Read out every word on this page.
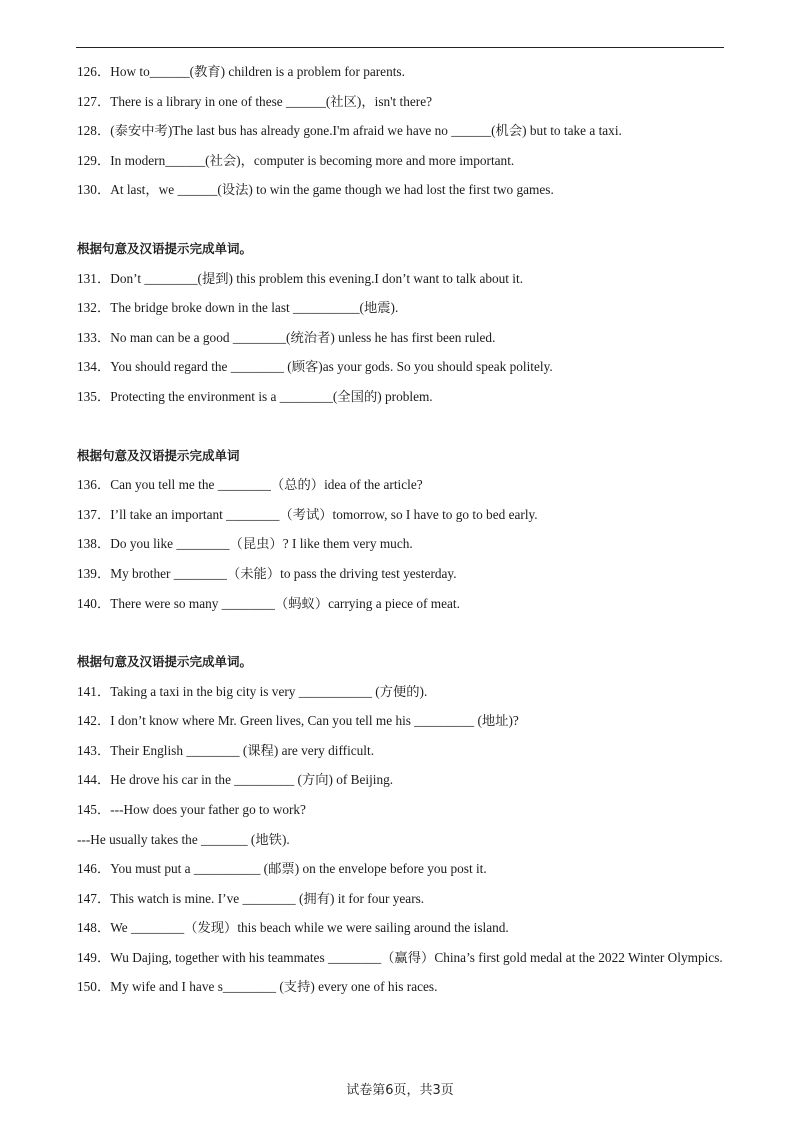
126．How to______(教育) children is a problem for parents.

127．There is a library in one of these ______(社区)，isn't there?

128．(泰安中考)The last bus has already gone.I'm afraid we have no ______(机会) but to take a taxi.

129．In modern______(社会)，computer is becoming more and more important.

130．At last，we ______(设法) to win the game though we had lost the first two games.

根据句意及汉语提示完成单词。

131．Don’t ________(提到) this problem this evening.I don’t want to talk about it.

132．The bridge broke down in the last __________(地震).

133．No man can be a good ________(统治者) unless he has first been ruled.

134．You should regard the ________ (顾客)as your gods. So you should speak politely.

135．Protecting the environment is a ________(全国的) problem.

根据句意及汉语提示完成单词

136．Can you tell me the ________（总的）idea of the article?

137．I’ll take an important ________（考试）tomorrow, so I have to go to bed early.

138．Do you like ________（昆虫）? I like them very much.

139．My brother ________（未能）to pass the driving test yesterday.

140．There were so many ________（蚂蚁）carrying a piece of meat.

根据句意及汉语提示完成单词。

141．Taking a taxi in the big city is very ___________ (方便的).

142．I don’t know where Mr. Green lives, Can you tell me his _________ (地址)?

143．Their English ________ (课程) are very difficult.

144．He drove his car in the _________ (方向) of Beijing.

145．---How does your father go to work?

---He usually takes the _______ (地铁).

146．You must put a __________ (邮票) on the envelope before you post it.

147．This watch is mine. I’ve ________ (拥有) it for four years.

148．We ________（发现）this beach while we were sailing around the island.

149．Wu Dajing, together with his teammates ________（赢得）China’s first gold medal at the 2022 Winter Olympics.

150．My wife and I have s________ (支持) every one of his races.

试卷第6页，共3页
